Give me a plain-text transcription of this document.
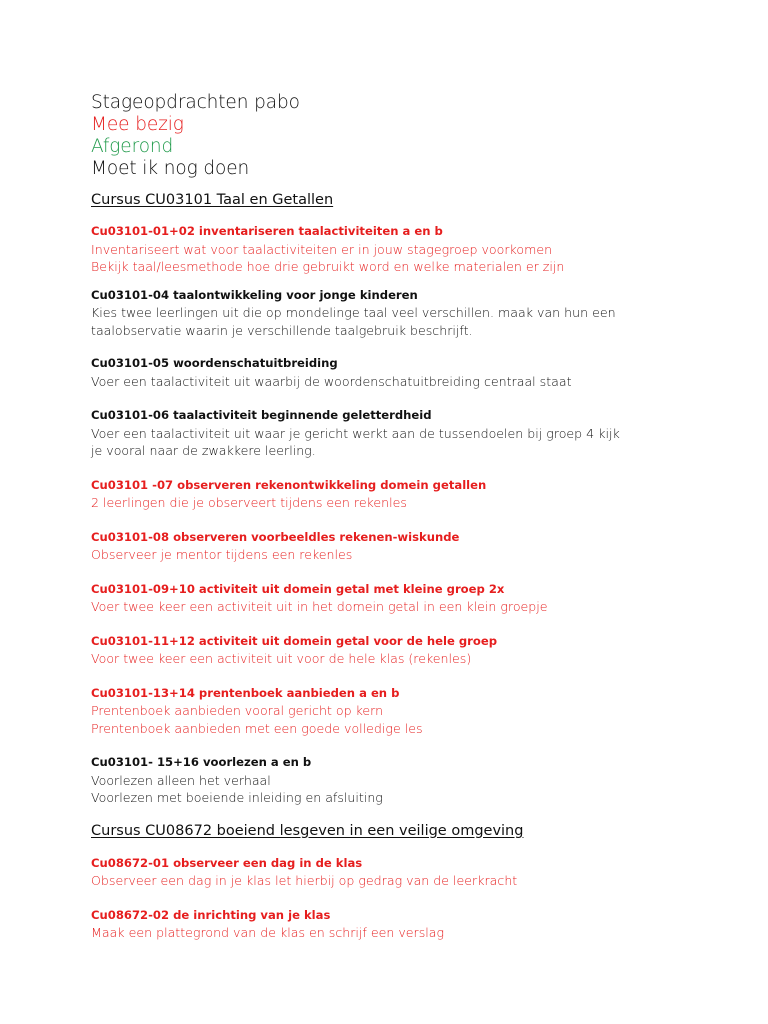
Stageopdrachten pabo
Mee bezig
Afgerond
Moet ik nog doen
Cursus CU03101 Taal en Getallen
Cu03101-01+02 inventariseren taalactiviteiten a en b
Inventariseert wat voor taalactiviteiten er in jouw stagegroep voorkomen
Bekijk taal/leesmethode hoe drie gebruikt word en welke materialen er zijn
Cu03101-04 taalontwikkeling voor jonge kinderen
Kies twee leerlingen uit die op mondelinge taal veel verschillen. maak van hun een
taalobservatie waarin je verschillende taalgebruik beschrijft.
Cu03101-05 woordenschatuitbreiding
Voer een taalactiviteit uit waarbij de woordenschatuitbreiding centraal staat
Cu03101-06 taalactiviteit beginnende geletterdheid
Voer een taalactiviteit uit waar je gericht werkt aan de tussendoelen bij groep 4 kijk
je vooral naar de zwakkere leerling.
Cu03101 -07 observeren rekenontwikkeling domein getallen
2 leerlingen die je observeert tijdens een rekenles
Cu03101-08 observeren voorbeeldles rekenen-wiskunde
Observeer je mentor tijdens een rekenles
Cu03101-09+10 activiteit uit domein getal met kleine groep 2x
Voer twee keer een activiteit uit in het domein getal in een klein groepje
Cu03101-11+12 activiteit uit domein getal voor de hele groep
Voor twee keer een activiteit uit voor de hele klas (rekenles)
Cu03101-13+14 prentenboek aanbieden a en b
Prentenboek aanbieden vooral gericht op kern
Prentenboek aanbieden met een goede volledige les
Cu03101- 15+16 voorlezen a en b
Voorlezen alleen het verhaal
Voorlezen met boeiende inleiding en afsluiting
Cursus CU08672 boeiend lesgeven in een veilige omgeving
Cu08672-01 observeer een dag in de klas
Observeer een dag in je klas let hierbij op gedrag van de leerkracht
Cu08672-02 de inrichting van je klas
Maak een plattegrond van de klas en schrijf een verslag
